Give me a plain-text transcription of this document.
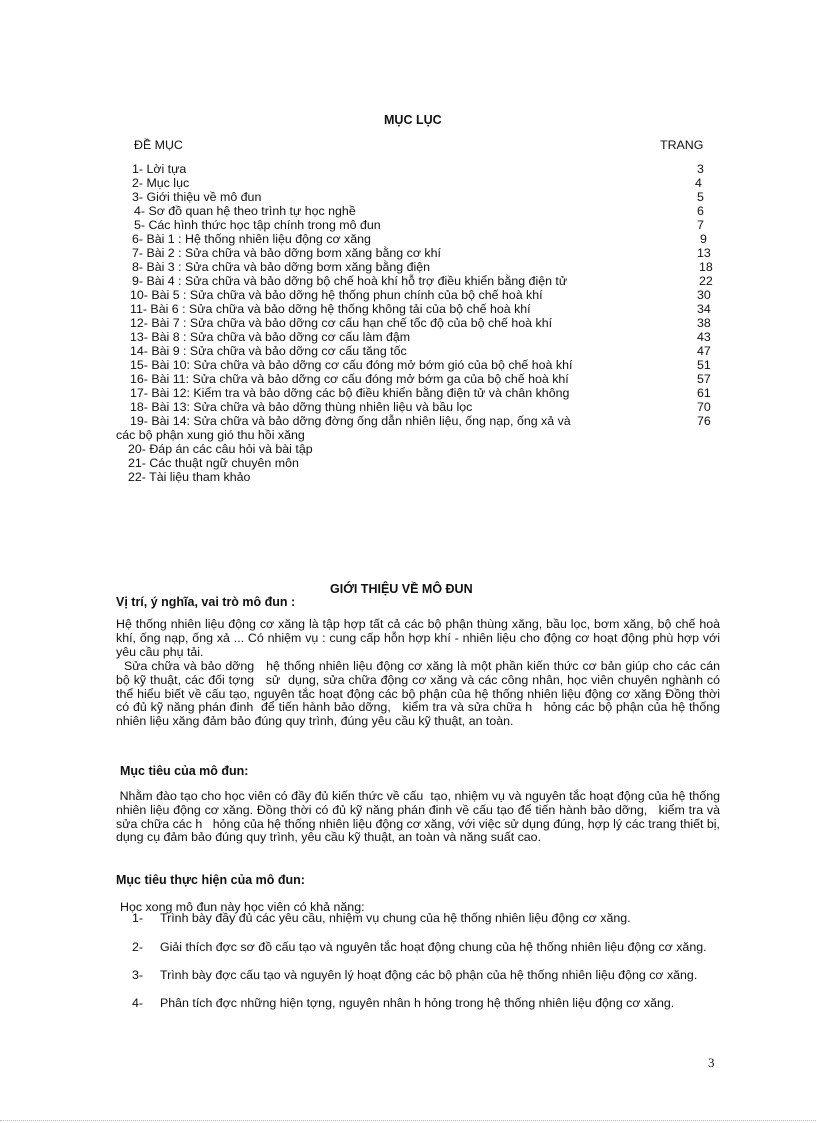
MỤC LỤC
ĐỀ MỤC	TRANG
1- Lời tựa	3
2- Mục lục	4
3- Giới thiệu về mô đun	5
4- Sơ đồ quan hệ theo trình tự học nghề	6
5- Các hình thức học tập chính trong mô đun	7
6- Bài 1 : Hệ thống nhiên liệu động cơ xăng	9
7- Bài 2 : Sửa chữa và bảo dỡng bơm xăng bằng cơ khí	13
8- Bài 3 : Sửa chữa và bảo dỡng bơm xăng bằng điện	18
9- Bài 4 : Sửa chữa và bảo dỡng bộ chế hoà khí hỗ trợ điều khiển bằng điện tử	22
10- Bài 5 : Sửa chữa và bảo dỡng hệ thống phun chính của bộ chế hoà khí	30
11- Bài 6 : Sửa chữa và bảo dỡng hệ thống không tải của bộ chế hoà khí	34
12- Bài 7 : Sửa chữa và bảo dỡng cơ cấu hạn chế tốc độ của bộ chế hoà khí	38
13- Bài 8 : Sửa chữa và bảo dỡng cơ cấu làm đậm	43
14- Bài 9 : Sửa chữa và bảo dỡng cơ cấu tăng tốc	47
15- Bài 10: Sửa chữa và bảo dỡng cơ cấu đóng mở bớm gió của bộ chế hoà khí	51
16- Bài 11: Sửa chữa và bảo dỡng cơ cấu đóng mở bớm ga của bộ chế hoà khí	57
17- Bài 12: Kiểm tra và bảo dỡng các bộ điều khiển bằng điện tử và chân không	61
18- Bài 13: Sửa chữa và bảo dỡng thùng nhiên liệu và bầu lọc	70
19- Bài 14: Sửa chữa và bảo dỡng đờng ống dẫn nhiên liệu, ống nạp, ống xả và	76
các bộ phận xung gió thu hồi xăng
20- Đáp án các câu hỏi và bài tập
21- Các thuật ngữ chuyên môn
22- Tài liệu tham khảo
GIỚI THIỆU VỀ MÔ ĐUN
Vị trí, ý nghĩa, vai trò mô đun :
Hệ thống nhiên liệu động cơ xăng là tập hợp tất cả các bộ phận thùng xăng, bầu lọc, bơm xăng, bộ chế hoà khí, ống nạp, ống xả ... Có nhiệm vụ : cung cấp hỗn hợp khí - nhiên liệu cho động cơ hoạt động phù hợp với yêu cầu phụ tải.
Sửa chữa và bảo dỡng   hệ thống nhiên liệu động cơ xăng là một phần kiến thức cơ bản giúp cho các cán bộ kỹ thuật, các đối tợng   sử  dụng, sửa chữa động cơ xăng và các công nhân, học viên chuyên nghành có thể hiểu biết về cấu tạo, nguyên tắc hoạt động các bộ phận của hệ thống nhiên liệu động cơ xăng Đồng thời có đủ kỹ năng phán đinh  để tiến hành bảo dỡng,   kiểm tra và sửa chữa h   hỏng các bộ phận của hệ thống nhiên liệu xăng đảm bảo đúng quy trình, đúng yêu cầu kỹ thuật, an toàn.
Mục tiêu của mô đun:
Nhằm đào tạo cho học viên có đầy đủ kiến thức về cấu  tạo, nhiệm vụ và nguyên tắc hoạt động của hệ thống nhiên liệu động cơ xăng. Đồng thời có đủ kỹ năng phán đinh về cấu tạo để tiến hành bảo dỡng,   kiểm tra và sửa chữa các h   hỏng của hệ thống nhiên liệu động cơ xăng, với việc sử dụng đúng, hợp lý các trang thiết bị, dụng cụ đảm bảo đúng quy trình, yêu cầu kỹ thuật, an toàn và năng suất cao.
Mục tiêu thực hiện của mô đun:
Học xong mô đun này học viên có khả năng:
1- Trình bày đầy đủ các yêu cầu, nhiệm vụ chung của hệ thống nhiên liệu động cơ xăng.
2- Giải thích đợc sơ đồ cấu tạo và nguyên tắc hoạt động chung của hệ thống nhiên liệu động cơ xăng.
3- Trình bày đợc cấu tạo và nguyên lý hoạt động các bộ phận của hệ thống nhiên liệu động cơ xăng.
4- Phân tích đợc những hiện tợng, nguyên nhân h hỏng trong hệ thống nhiên liệu động cơ xăng.
3
